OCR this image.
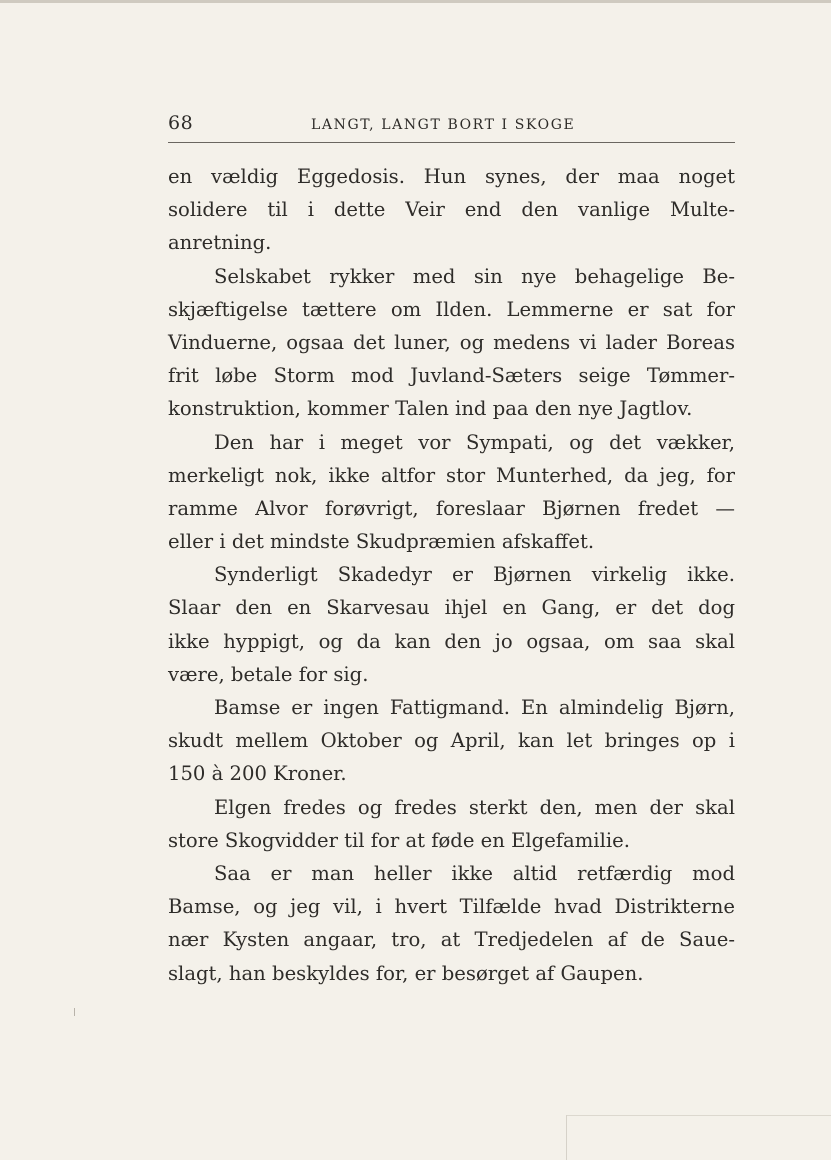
68	LANGT, LANGT BORT I SKOGE
en vældig Eggedosis. Hun synes, der maa noget
solidere til i dette Veir end den vanlige Multe-
anretning.
Selskabet rykker med sin nye behagelige Be-
skjæftigelse tættere om Ilden. Lemmerne er sat for
Vinduerne, ogsaa det luner, og medens vi lader Boreas
frit løbe Storm mod Juvland-Sæters seige Tømmer-
konstruktion, kommer Talen ind paa den nye Jagtlov.
Den har i meget vor Sympati, og det vækker,
merkeligt nok, ikke altfor stor Munterhed, da jeg, for
ramme Alvor forøvrigt, foreslaar Bjørnen fredet —
eller i det mindste Skudpræmien afskaffet.
Synderligt Skadedyr er Bjørnen virkelig ikke.
Slaar den en Skarvesau ihjel en Gang, er det dog
ikke hyppigt, og da kan den jo ogsaa, om saa skal
være, betale for sig.
Bamse er ingen Fattigmand. En almindelig Bjørn,
skudt mellem Oktober og April, kan let bringes op i
150 à 200 Kroner.
Elgen fredes og fredes sterkt den, men der skal
store Skogvidder til for at føde en Elgefamilie.
Saa er man heller ikke altid retfærdig mod
Bamse, og jeg vil, i hvert Tilfælde hvad Distrikterne
nær Kysten angaar, tro, at Tredjedelen af de Saue-
slagt, han beskyldes for, er besørget af Gaupen.
